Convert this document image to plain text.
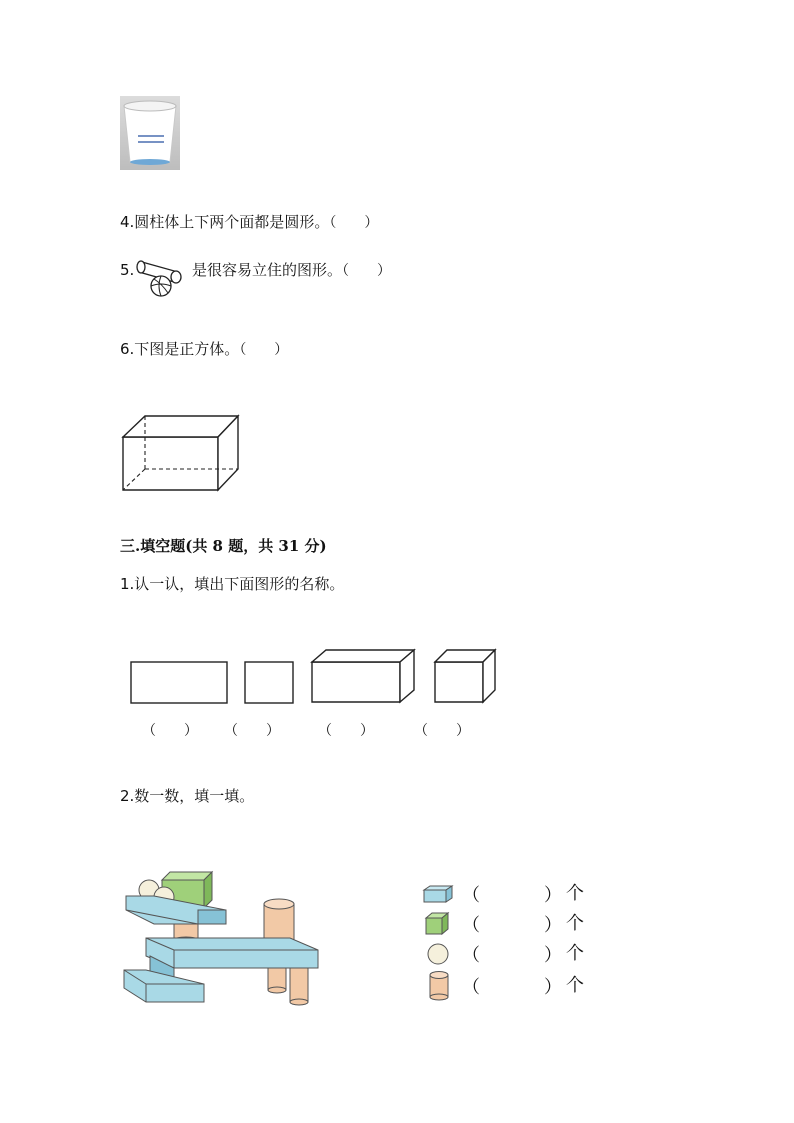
4.圆柱体上下两个面都是圆形。（　　）
5.	是很容易立住的图形。（　　）
6.下图是正方体。（　　）
三.填空题(共 8 题，共 31 分)
1.认一认，填出下面图形的名称。
（　　） （　　）	（　　）	（　　）
2.数一数，填一填。
（	） 个
（	） 个
（	） 个
（	） 个
